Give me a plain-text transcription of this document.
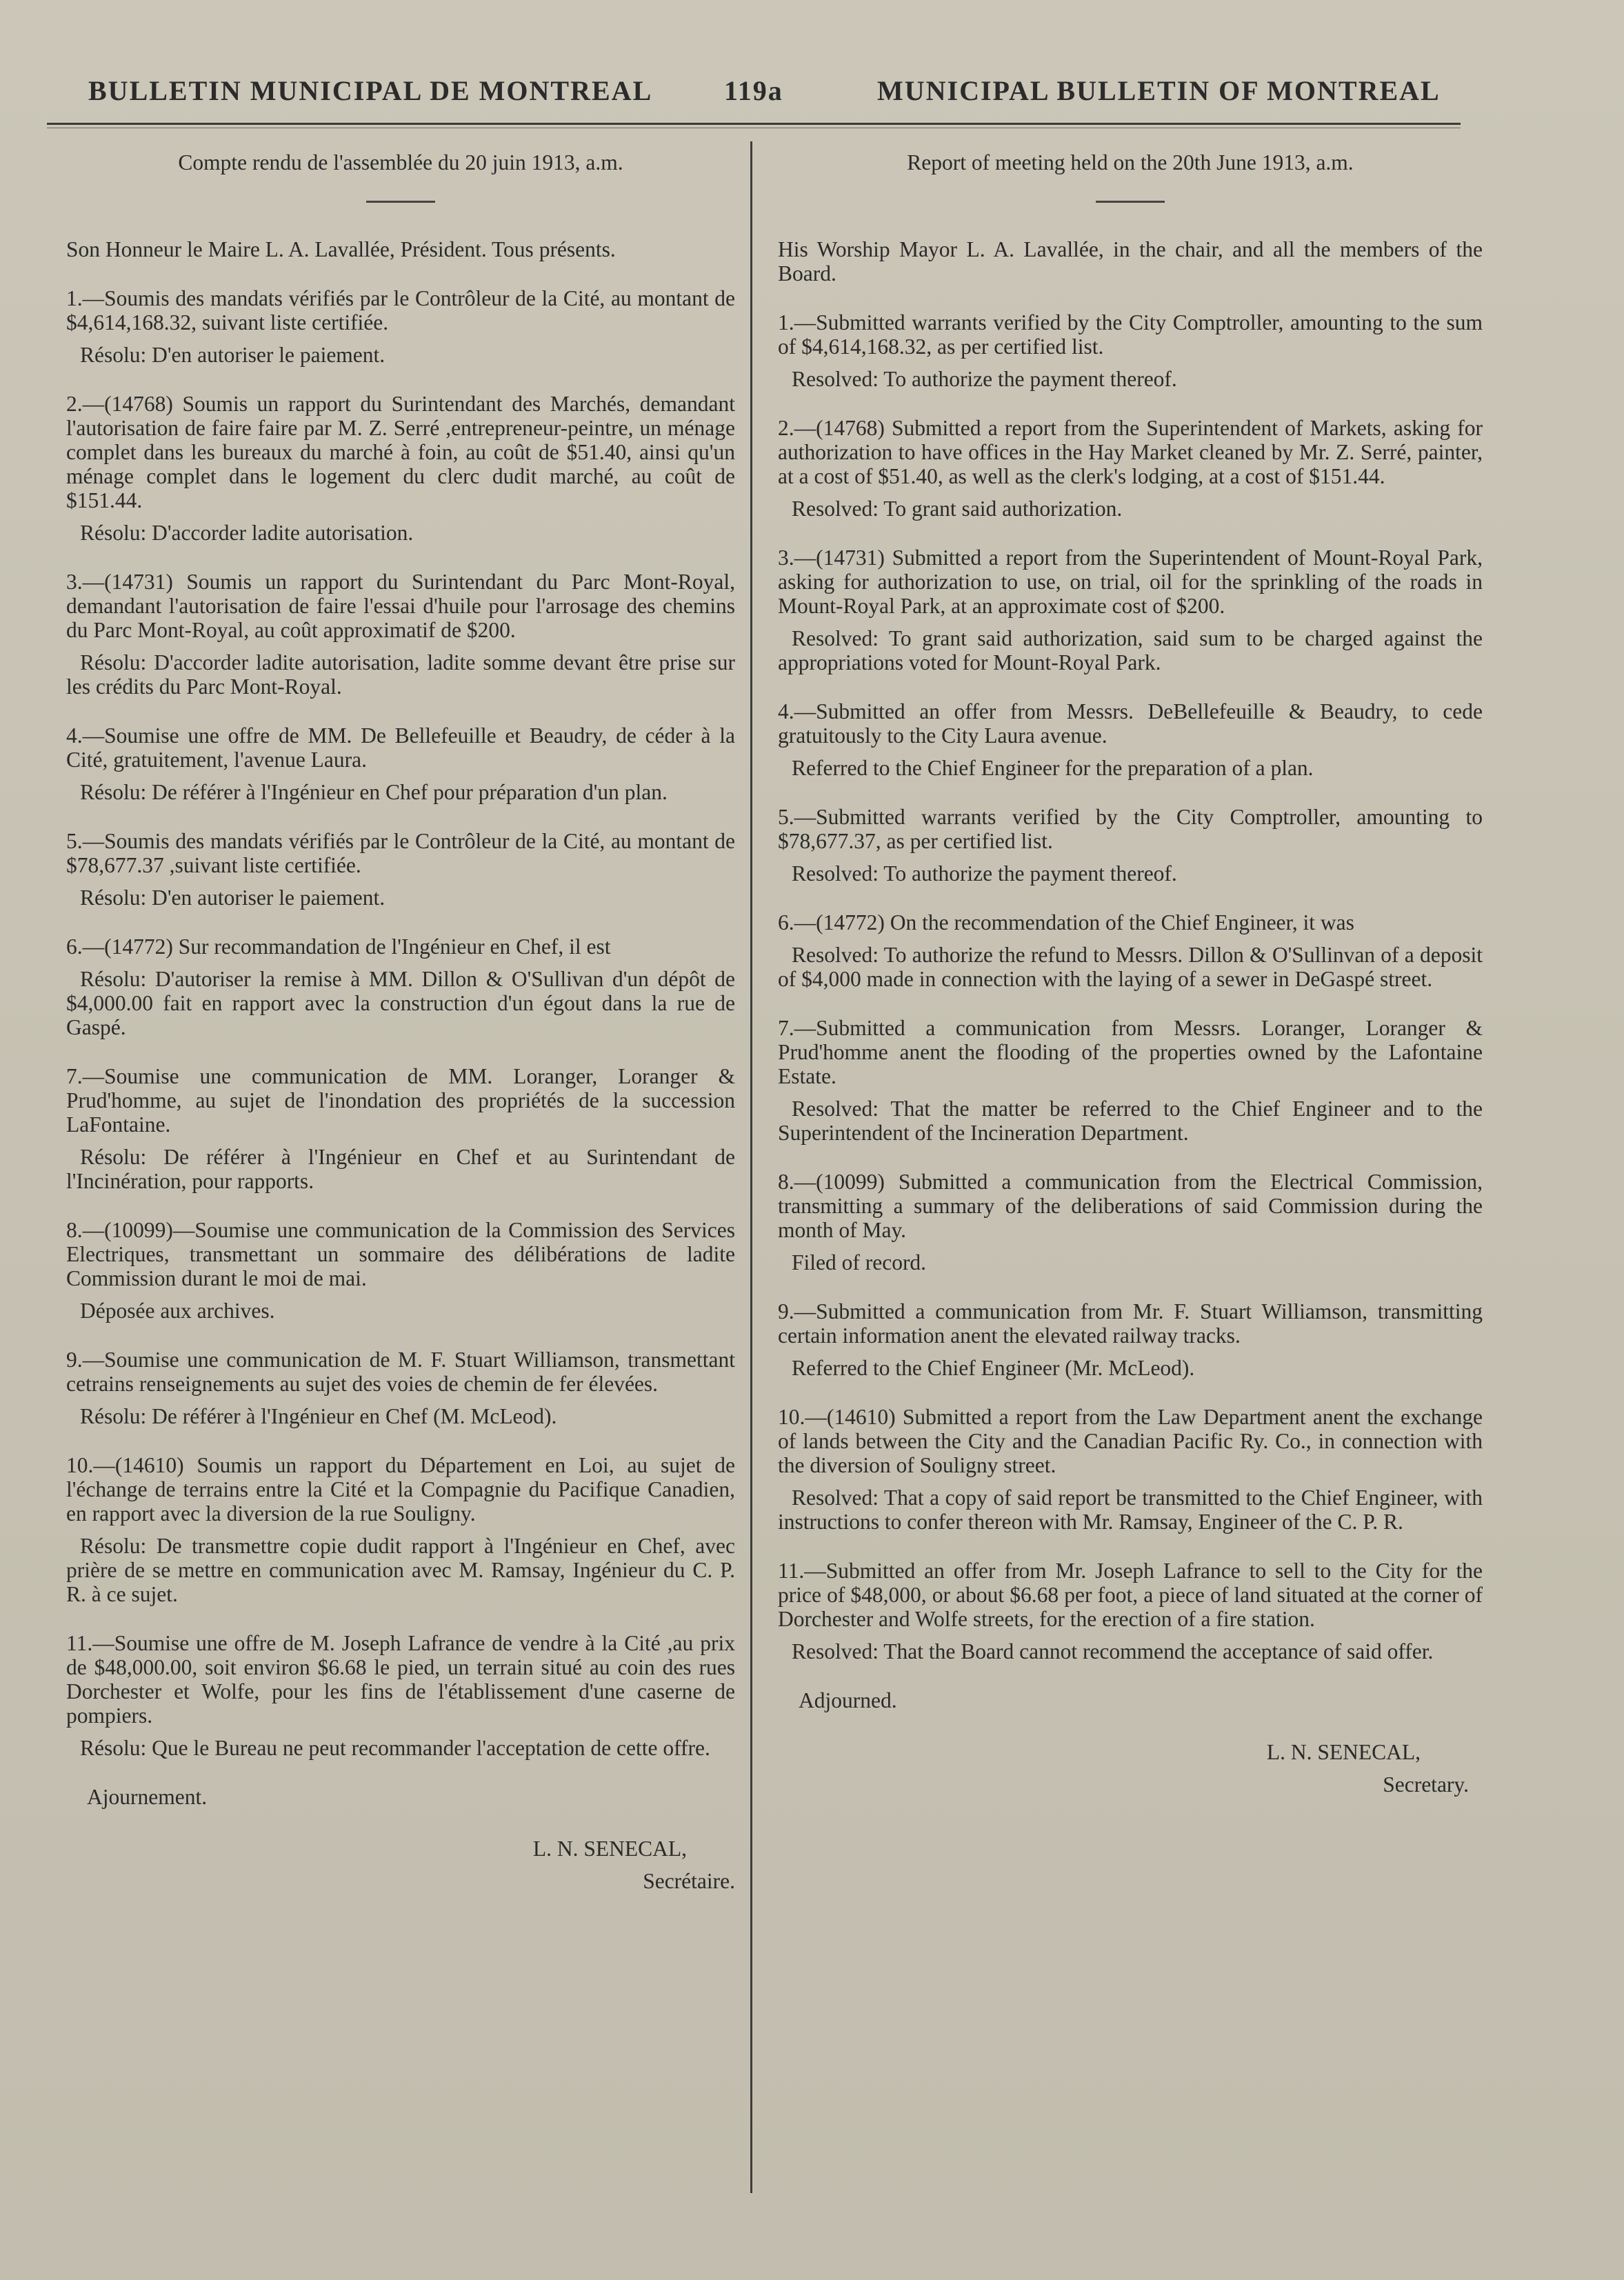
BULLETIN MUNICIPAL DE MONTREAL	119a	MUNICIPAL BULLETIN OF MONTREAL

Compte rendu de l'assemblée du 20 juin 1913, a.m.

Son Honneur le Maire L. A. Lavallée, Président. Tous présents.

1.—Soumis des mandats vérifiés par le Contrôleur de la Cité, au montant de $4,614,168.32, suivant liste certifiée.

Résolu: D'en autoriser le paiement.

2.—(14768) Soumis un rapport du Surintendant des Marchés, demandant l'autorisation de faire faire par M. Z. Serré ,entrepreneur-peintre, un ménage complet dans les bureaux du marché à foin, au coût de $51.40, ainsi qu'un ménage complet dans le logement du clerc dudit marché, au coût de $151.44.

Résolu: D'accorder ladite autorisation.

3.—(14731) Soumis un rapport du Surintendant du Parc Mont-Royal, demandant l'autorisation de faire l'essai d'huile pour l'arrosage des chemins du Parc Mont-Royal, au coût approximatif de $200.

Résolu: D'accorder ladite autorisation, ladite somme devant être prise sur les crédits du Parc Mont-Royal.

4.—Soumise une offre de MM. De Bellefeuille et Beaudry, de céder à la Cité, gratuitement, l'avenue Laura.

Résolu: De référer à l'Ingénieur en Chef pour préparation d'un plan.

5.—Soumis des mandats vérifiés par le Contrôleur de la Cité, au montant de $78,677.37 ,suivant liste certifiée.

Résolu: D'en autoriser le paiement.

6.—(14772) Sur recommandation de l'Ingénieur en Chef, il est

Résolu: D'autoriser la remise à MM. Dillon & O'Sullivan d'un dépôt de $4,000.00 fait en rapport avec la construction d'un égout dans la rue de Gaspé.

7.—Soumise une communication de MM. Loranger, Loranger & Prud'homme, au sujet de l'inondation des propriétés de la succession LaFontaine.

Résolu: De référer à l'Ingénieur en Chef et au Surintendant de l'Incinération, pour rapports.

8.—(10099)—Soumise une communication de la Commission des Services Electriques, transmettant un sommaire des délibérations de ladite Commission durant le moi de mai.

Déposée aux archives.

9.—Soumise une communication de M. F. Stuart Williamson, transmettant cetrains renseignements au sujet des voies de chemin de fer élevées.

Résolu: De référer à l'Ingénieur en Chef (M. McLeod).

10.—(14610) Soumis un rapport du Département en Loi, au sujet de l'échange de terrains entre la Cité et la Compagnie du Pacifique Canadien, en rapport avec la diversion de la rue Souligny.

Résolu: De transmettre copie dudit rapport à l'Ingénieur en Chef, avec prière de se mettre en communication avec M. Ramsay, Ingénieur du C. P. R. à ce sujet.

11.—Soumise une offre de M. Joseph Lafrance de vendre à la Cité ,au prix de $48,000.00, soit environ $6.68 le pied, un terrain situé au coin des rues Dorchester et Wolfe, pour les fins de l'établissement d'une caserne de pompiers.

Résolu: Que le Bureau ne peut recommander l'acceptation de cette offre.

Ajournement.

L. N. SENECAL,

Secrétaire.

Report of meeting held on the 20th June 1913, a.m.

His Worship Mayor L. A. Lavallée, in the chair, and all the members of the Board.

1.—Submitted warrants verified by the City Comptroller, amounting to the sum of $4,614,168.32, as per certified list.

Resolved: To authorize the payment thereof.

2.—(14768) Submitted a report from the Superintendent of Markets, asking for authorization to have offices in the Hay Market cleaned by Mr. Z. Serré, painter, at a cost of $51.40, as well as the clerk's lodging, at a cost of $151.44.

Resolved: To grant said authorization.

3.—(14731) Submitted a report from the Superintendent of Mount-Royal Park, asking for authorization to use, on trial, oil for the sprinkling of the roads in Mount-Royal Park, at an approximate cost of $200.

Resolved: To grant said authorization, said sum to be charged against the appropriations voted for Mount-Royal Park.

4.—Submitted an offer from Messrs. DeBellefeuille & Beaudry, to cede gratuitously to the City Laura avenue.

Referred to the Chief Engineer for the preparation of a plan.

5.—Submitted warrants verified by the City Comptroller, amounting to $78,677.37, as per certified list.

Resolved: To authorize the payment thereof.

6.—(14772) On the recommendation of the Chief Engineer, it was

Resolved: To authorize the refund to Messrs. Dillon & O'Sullinvan of a deposit of $4,000 made in connection with the laying of a sewer in DeGaspé street.

7.—Submitted a communication from Messrs. Loranger, Loranger & Prud'homme anent the flooding of the properties owned by the Lafontaine Estate.

Resolved: That the matter be referred to the Chief Engineer and to the Superintendent of the Incineration Department.

8.—(10099) Submitted a communication from the Electrical Commission, transmitting a summary of the deliberations of said Commission during the month of May.

Filed of record.

9.—Submitted a communication from Mr. F. Stuart Williamson, transmitting certain information anent the elevated railway tracks.

Referred to the Chief Engineer (Mr. McLeod).

10.—(14610) Submitted a report from the Law Department anent the exchange of lands between the City and the Canadian Pacific Ry. Co., in connection with the diversion of Souligny street.

Resolved: That a copy of said report be transmitted to the Chief Engineer, with instructions to confer thereon with Mr. Ramsay, Engineer of the C. P. R.

11.—Submitted an offer from Mr. Joseph Lafrance to sell to the City for the price of $48,000, or about $6.68 per foot, a piece of land situated at the corner of Dorchester and Wolfe streets, for the erection of a fire station.

Resolved: That the Board cannot recommend the acceptance of said offer.

Adjourned.

L. N. SENECAL,

Secretary.
